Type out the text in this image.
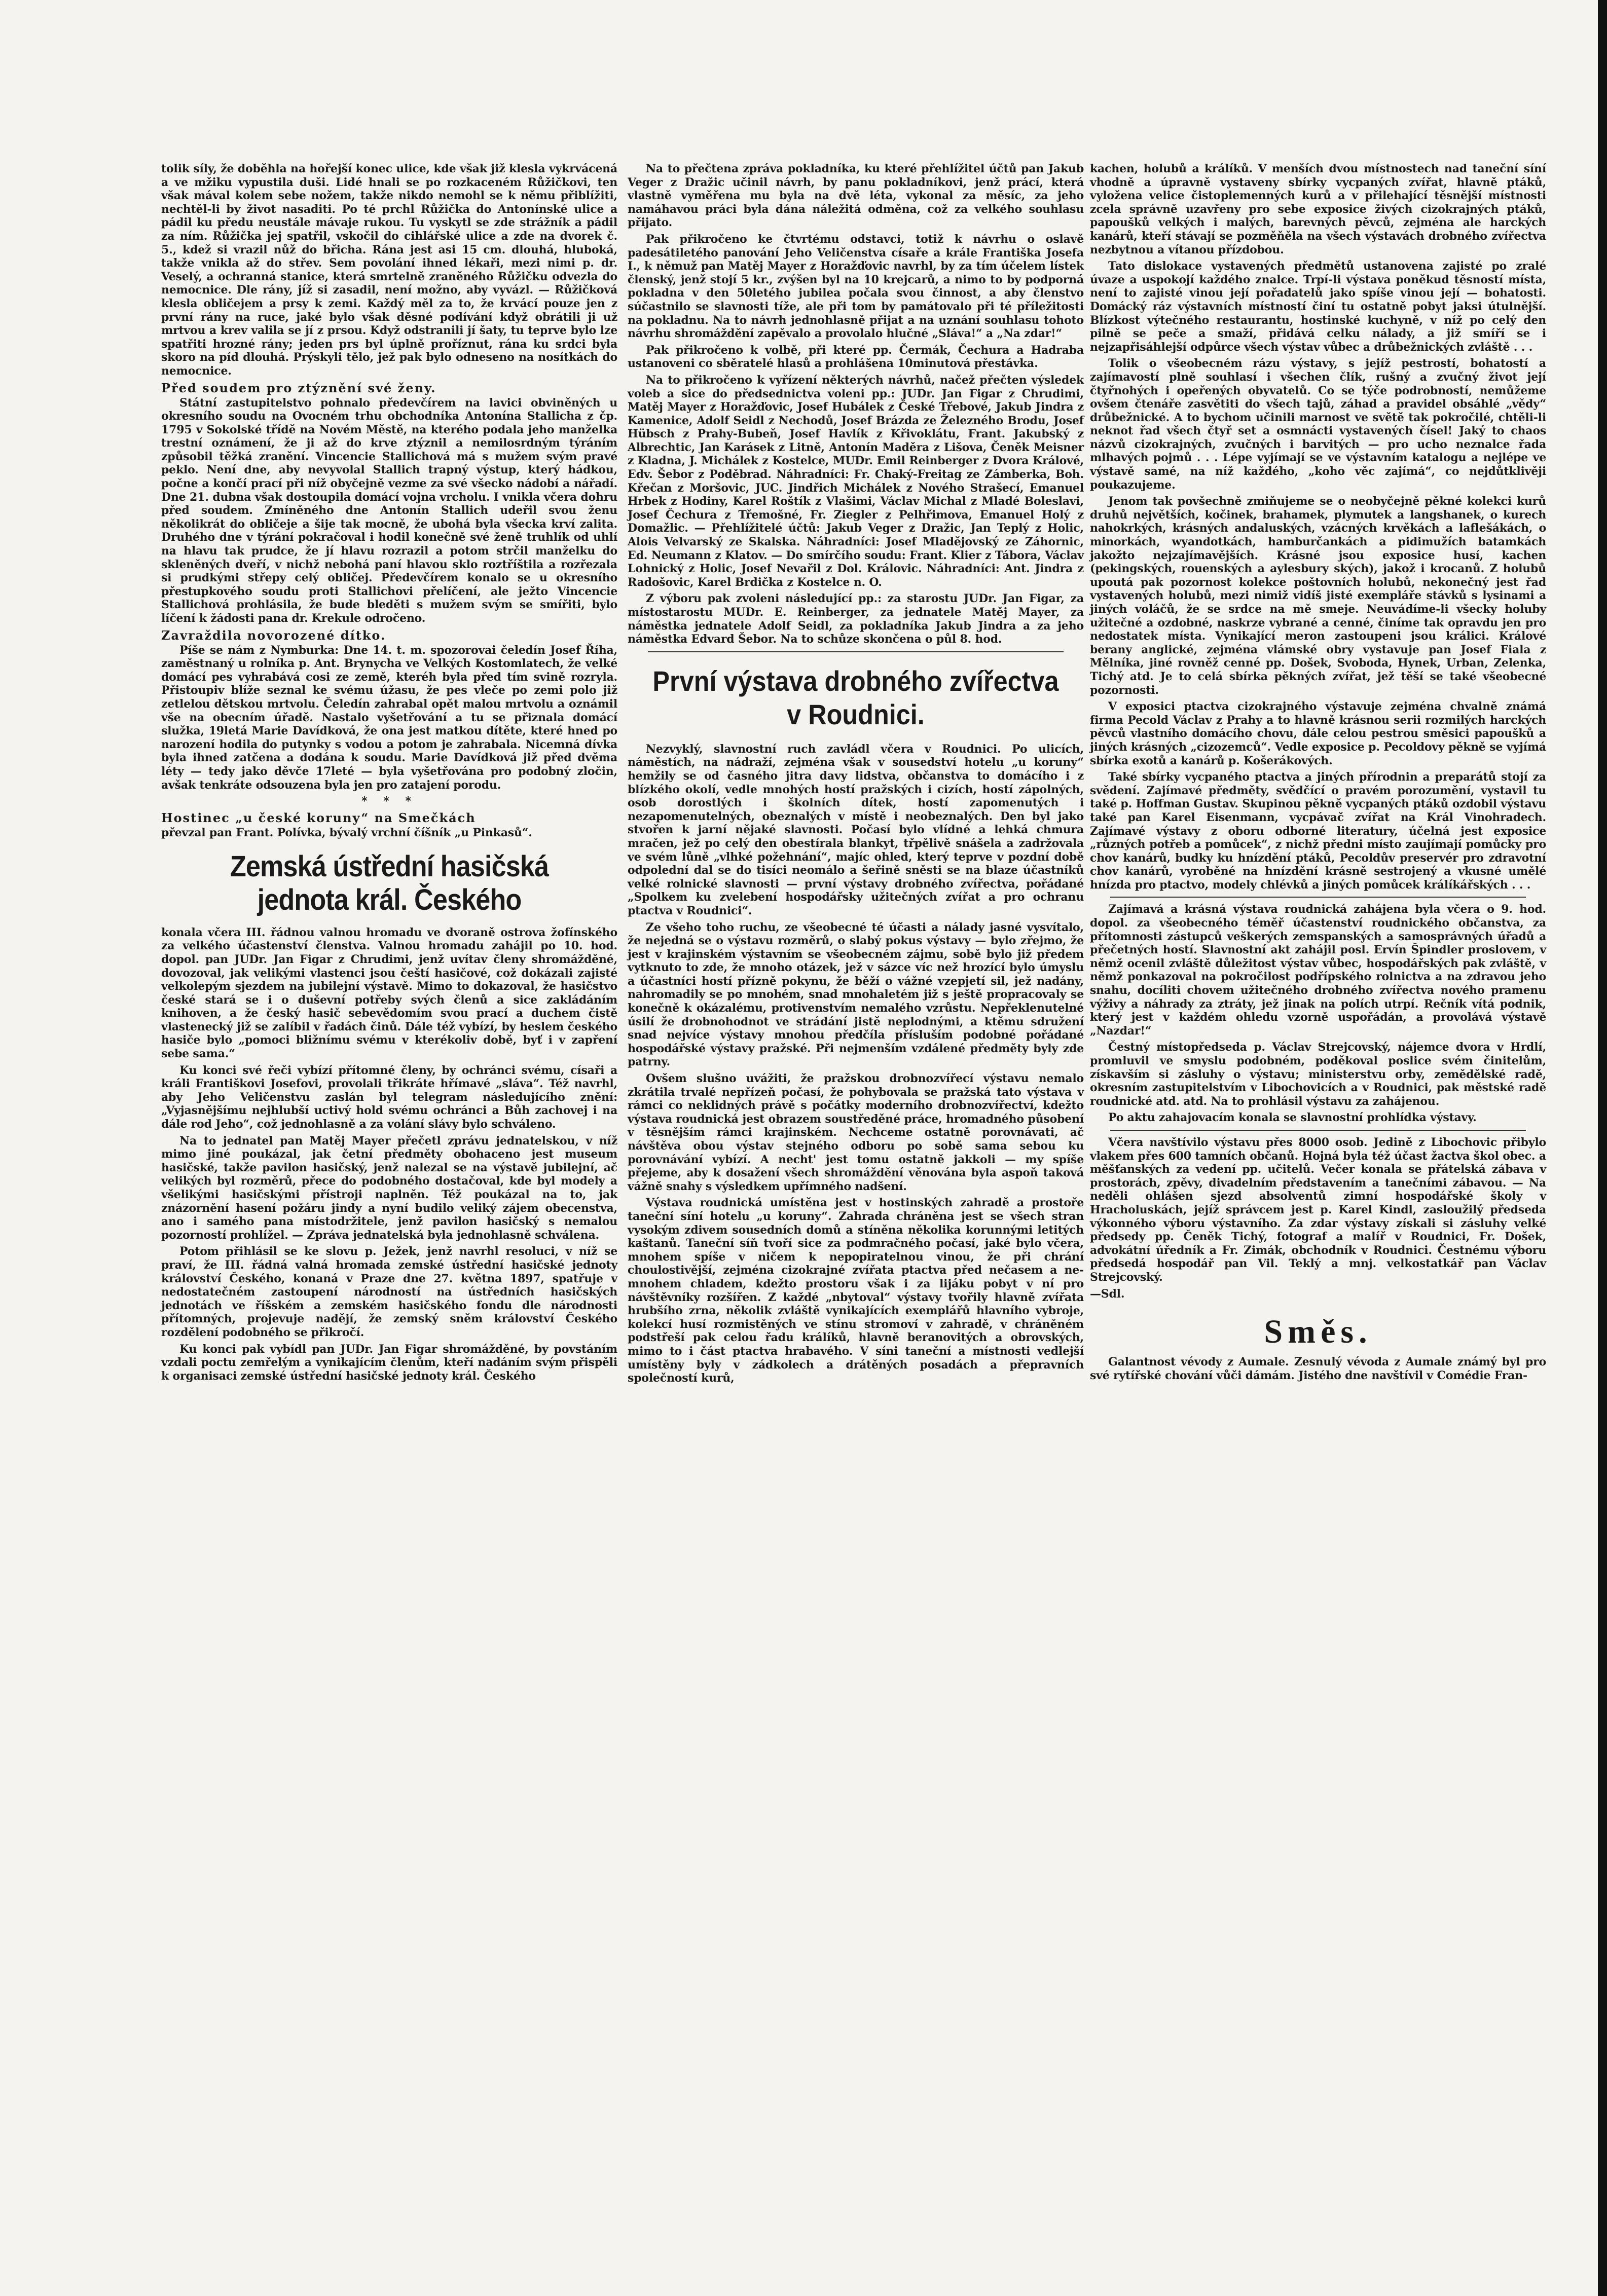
tolik síly, že doběhla na hořejší konec ulice, kde však již klesla vykrvácená a ve mžiku vypustila duši. Lidé hnali se po rozkaceném Růžičkovi, ten však mával kolem sebe nožem, takže nikdo nemohl se k němu přiblížiti, nechtěl-li by život nasaditi. Po té prchl Růžička do Antonínské ulice a pádil ku předu neustále mávaje rukou. Tu vyskytl se zde strážník a pádil za ním. Růžička jej spatřil, vskočil do cihlářské ulice a zde na dvorek č. 5., kdež si vrazil nůž do břicha. Rána jest asi 15 cm. dlouhá, hluboká, takže vnikla až do střev. Sem povolání ihned lékaři, mezi nimi p. dr. Veselý, a ochranná stanice, která smrtelně zraněného Růžičku odvezla do nemocnice. Dle rány, jíž si zasadil, není možno, aby vyvázl. — Růžičková klesla obličejem a prsy k zemi. Každý měl za to, že krvácí pouze jen z první rány na ruce, jaké bylo však děsné podívání když obrátili ji už mrtvou a krev valila se jí z prsou. Když odstranili jí šaty, tu teprve bylo lze spatřiti hrozné rány; jeden prs byl úplně proříznut, rána ku srdci byla skoro na píd dlouhá. Prýskyli tělo, jež pak bylo odneseno na nosítkách do nemocnice.

Před soudem pro ztýznění své ženy.

Státní zastupitelstvo pohnalo předevčírem na lavici obviněných u okresního soudu na Ovocném trhu obchodníka Antonína Stallicha z čp. 1795 v Sokolské třídě na Novém Městě, na kteréhо podala jeho manželka trestní oznámení, že ji až do krve ztýznil a nemilosrdným týráním způsobil těžká zranění. Vincencie Stallichová má s mužem svým pravé peklo. Není dne, aby nevyvolal Stallich trapný výstup, který hádkou, počne a končí prací při níž obyčejně vezme za své všecko nádobí a nářadí. Dne 21. dubna však dostoupila domácí vojna vrcholu. I vnikla včera dohru před soudem. Zmíněného dne Antonín Stallich udeřil svou ženu několikrát do obličeje a šije tak mocně, že ubohá byla všecka krví zalita. Druhého dne v týrání pokračoval i hodil konečně své ženě truhlík od uhlí na hlavu tak prudce, že jí hlavu rozrazil a potom strčil manželku do skleněných dveří, v nichž nebohá paní hlavou sklo roztříštila a rozřezala si prudkými střepy celý obličej. Předevčírem konalo se u okresního přestupkového soudu proti Stallichovi přelíčení, ale ježto Vincencie Stallichová prohlásila, že bude bleděti s mužem svým se smířiti, bylo líčení k žádosti pana dr. Krekule odročeno.

Zavraždila novorozené dítko.

Píše se nám z Nymburka: Dne 14. t. m. spozorovai čeledín Josef Říha, zaměstnaný u rolníka p. Ant. Brynycha ve Velkých Kostomlatech, že velké domácí pes vyhrabává cosi ze země, kteréh byla před tím svině rozryla. Přistoupiv blíže seznal ke svému úžasu, že pes vleče po zemi polo již zetlelou dětskou mrtvolu. Čeledín zahrabal opět malou mrtvolu a oznámil vše na obecním úřadě. Nastalo vyšetřování a tu se přiznala domácí služka, 19letá Marie Davídková, že ona jest matkou dítěte, které hned po narození hodila do putynky s vodou a potom je zahrabala. Nicemná dívka byla ihned zatčena a dodána k soudu. Marie Davídková již před dvěma léty — tedy jako děvče 17leté — byla vyšetřována pro podobný zločin, avšak tenkráte odsouzena byla jen pro zatajení porodu.

* * *
Hostinec „u české koruny“ na Smečkách

převzal pan Frant. Polívka, bývalý vrchní číšník „u Pinkasů“.

Zemská ústřední hasičská jednota král. Českého

konala včera III. řádnou valnou hromadu ve dvoraně ostrova žofínského za velkého účastenství členstva. Valnou hromadu zahájil po 10. hod. dopol. pan JUDr. Jan Figar z Chrudimi, jenž uvítav členy shromážděné, dovozoval, jak velikými vlastenci jsou čeští hasičové, což dokázali zajisté velkolepým sjezdem na jubilejní výstavě. Mimo to dokazoval, že hasičstvo české stará se i o duševní potřeby svých členů a sice zakládáním knihoven, a že český hasič sebevědomím svou prací a duchem čistě vlastenecký již se zalíbil v řadách činů. Dále též vybízí, by heslem českého hasiče bylo „pomoci bližnímu svému v kterékoliv době, byť i v zapření sebe sama.“

Ku konci své řeči vybízí přítomné členy, by ochránci svému, císaři a králi Františkovi Josefovi, provolali třikráte hřímavé „sláva“. Též navrhl, aby Jeho Veličenstvu zaslán byl telegram následujícího znění: „Vyjasnějšímu nejhlubší uctivý hold svému ochránci a Bůh zachovej i na dále rod Jeho“, což jednohlasně a za volání slávy bylo schváleno.

Na to jednatel pan Matěj Mayer přečetl zprávu jednatelskou, v níž mimo jiné poukázal, jak četní předměty obohaceno jest museum hasičské, takže pavilon hasičský, jenž nalezal se na výstavě jubilejní, ač velikých byl rozměrů, přece do podobného dostačoval, kde byl modely a všelikými hasičskými přístroji naplněn. Též poukázal na to, jak znázornění hasení požáru jindy a nyní budilo veliký zájem obecenstva, ano i samého pana místodržitele, jenž pavilon hasičský s nemalou pozorností prohlížel. — Zpráva jednatelská byla jednohlasně schválena.

Potom přihlásil se ke slovu p. Ježek, jenž navrhl resoluci, v níž se praví, že III. řádná valná hromada zemské ústřední hasičské jednoty království Českého, konaná v Praze dne 27. května 1897, spatřuje v nedostatečném zastoupení národností na ústředních hasičských jednotách ve říšském a zemském hasičského fondu dle národnosti přítomných, projevuje nadějí, že zemský sněm království Českého rozdělení podobného se přikročí.

Ku konci pak vybídl pan JUDr. Jan Figar shromážděné, by povstáním vzdali poctu zemřelým a vynikajícím členům, kteří nadáním svým přispěli k organisaci zemské ústřední hasičské jednoty král. Českého

Na to přečtena zpráva pokladníka, ku které přehlížitel účtů pan Jakub Veger z Dražic učinil návrh, by panu pokladníkovi, jenž prácí, která vlastně vyměřena mu byla na dvě léta, vykonal za měsíc, za jeho namáhavou práci byla dána náležitá odměna, což za velkého souhlasu přijato.

Pak přikročeno ke čtvrtému odstavci, totiž k návrhu o oslavě padesátiletého panování Jeho Veličenstva císaře a krále Františka Josefa I., k němuž pan Matěj Mayer z Horažďovic navrhl, by za tím účelem lístek členský, jenž stojí 5 kr., zvýšen byl na 10 krejcarů, a nimo to by podporná pokladna v den 50letého jubilea počala svou činnost, a aby členstvo súčastnilo se slavnosti tíže, ale při tom by památovalo při té příležitosti na pokladnu. Na to návrh jednohlasně přijat a na uznání souhlasu tohoto návrhu shromáždění zapěvalo a provolalo hlučné „Sláva!“ a „Na zdar!“

Pak přikročeno k volbě, při které pp. Čermák, Čechura a Hadraba ustanoveni co sběratelé hlasů a prohlášena 10minutová přestávka.

Na to přikročeno k vyřízení některých návrhů, načež přečten výsledek voleb a sice do předsednictva voleni pp.: JUDr. Jan Figar z Chrudimi, Matěj Mayer z Horažďovic, Josef Hubálek z České Třebové, Jakub Jindra z Kamenice, Adolf Seidl z Nechodů, Josef Brázda ze Železného Brodu, Josef Hübsch z Prahy-Bubeň, Josef Havlík z Křivoklátu, Frant. Jakubský z Albrechtic, Jan Karásek z Litně, Antonín Maděra z Lišova, Čeněk Meisner z Kladna, J. Michálek z Kostelce, MUDr. Emil Reinberger z Dvora Králové, Edv. Šebor z Poděbrad. Náhradníci: Fr. Chaký-Freitag ze Zámberka, Boh. Křečan z Moršovic, JUC. Jindřich Michálek z Nového Strašecí, Emanuel Hrbek z Hodiny, Karel Roštík z Vlašimi, Václav Michal z Mladé Boleslavi, Josef Čechura z Třemošné, Fr. Ziegler z Pelhřimova, Emanuel Holý z Domažlic. — Přehlížitelé účtů: Jakub Veger z Dražic, Jan Teplý z Holic, Alois Velvarský ze Skalska. Náhradníci: Josef Mladějovský ze Záhornic, Ed. Neumann z Klatov. — Do smírčího soudu: Frant. Klier z Tábora, Václav Lohnický z Holic, Josef Nevařil z Dol. Královic. Náhradníci: Ant. Jindra z Radošovic, Karel Brdička z Kostelce n. O.

Z výboru pak zvoleni následující pp.: za starostu JUDr. Jan Figar, za místostarostu MUDr. E. Reinberger, za jednatele Matěj Mayer, za náměstka jednatele Adolf Seidl, za pokladníka Jakub Jindra a za jeho náměstka Edvard Šebor. Na to schůze skončena o půl 8. hod.

První výstava drobného zvířectva v Roudnici.

Nezvyklý, slavnostní ruch zavládl včera v Roudnici. Po ulicích, náměstích, na nádraží, zejména však v sousedství hotelu „u koruny“ hemžily se od časného jitra davy lidstva, občanstva to domácího i z blízkého okolí, vedle mnohých hostí pražských i cizích, hostí zápolných, osob dorostlých i školních dítek, hostí zapomenutých i nezapomenutelných, obeznalých v místě i neobeznalých. Den byl jako stvořen k jarní nějaké slavnosti. Počasí bylo vlídné a lehká chmura mračen, jež po celý den obestírala blankyt, třpělivě snášela a zadržovala ve svém lůně „vlhké požehnání“, majíc ohled, který teprve v pozdní době odpolední dal se do tisíci neomálo a šeřině sněsti se na blaze účastníků velké rolnické slavnosti — první výstavy drobného zvířectva, pořádané „Spolkem ku zvelebení hospodářsky užitečných zvířat a pro ochranu ptactva v Roudnici“.

Ze všeho toho ruchu, ze všeobecné té účasti a nálady jasné vysvítalo, že nejedná se o výstavu rozměrů, o slabý pokus výstavy — bylo zřejmo, že jest v krajinském výstavním se všeobecném zájmu, sobě bylo již předem vytknuto to zde, že mnoho otázek, jež v sázce víc než hrozící bylo úmyslu a účastníci hostí přízně pokynu, že běží o vážné vzepjetí sil, jež nadány, nahromadily se po mnohém, snad mnohaletém již s ještě propracovaly se konečně k okázalému, protivenstvím nemalého vzrůstu. Nepřeklenutelné úsilí že drobnohodnot ve strádání jistě neplodnými, a ktěmu sdružení snad nejvíce výstavy mnohou předčíla přísluším podobné pořádané hospodářské výstavy pražské. Při nejmenším vzdálené předměty byly zde patrny.

Ovšem slušno uvážiti, že pražskou drobnozvířecí výstavu nemalo zkrátila trvalé nepřízeň počasí, že pohybovala se pražská tato výstava v rámci co neklidných právě s počátky moderního drobnozvířectví, kdežto výstava roudnická jest obrazem soustředěné práce, hromadného působení v těsnějším rámci krajinském. Nechceme ostatně porovnávati, ač návštěva obou výstav stejného odboru po sobě sama sebou ku porovnávání vybízí. A necht' jest tomu ostatně jakkoli — my spíše přejeme, aby k dosažení všech shromáždění věnována byla aspoň taková vážně snahy s výsledkem upřímného nadšení.

Výstava roudnická umístěna jest v hostinských zahradě a prostoře taneční síní hotelu „u koruny“. Zahrada chráněna jest se všech stran vysokým zdivem sousedních domů a stíněna několika korunnými letitých kaštanů. Taneční síň tvoří sice za podmračného počasí, jaké bylo včera, mnohem spíše v ničem k nepopiratelnou vinou, že při chrání choulostivější, zejména cizokrajné zvířata ptactva před nečasem a ne-mnohem chladem, kdežto prostoru však i za lijáku pobyt v ní pro návštěvníky rozšířen. Z každé „nbytoval“ výstavy tvořily hlavně zvířata hrubšího zrna, několik zvláště vynikajících exemplářů hlavního vybroje, kolekcí husí rozmistěných ve stínu stromoví v zahradě, v chráněném podstřeší pak celou řadu králíků, hlavně beranovitých a obrovských, mimo to i část ptactva hrabavého. V síni taneční a místnosti vedlejší umístěny byly v zádkolech a drátěných posadách a přepravních společností kurů,

kachen, holubů a králíků. V menších dvou místnostech nad taneční síní vhodně a úpravně vystaveny sbírky vycpaných zvířat, hlavně ptáků, vyloženа velice čistoplemenných kurů a v přilehající těsnější místnosti zcela správně uzavřeny pro sebe exposice živých cizokrajných ptáků, papoušků velkých i malých, barevných pěvců, zejména ale harckých kanárů, kteří stávají se pozměňěla na všech výstavách drobného zvířectva nezbytnou a vítanou přízdobou.

Tato dislokace vystavených předmětů ustanovena zajisté po zralé úvaze a uspokojí každého znalce. Trpí-li výstava poněkud těsností místa, není to zajisté vinou její pořadatelů jako spíše vinou její — bohatosti. Domácký ráz výstavních místností činí tu ostatně pobyt jaksi útulnější. Blízkost výtečného restaurantu, hostinské kuchyně, v níž po celý den pilně se peče a smaží, přidává celku nálady, a již smíří se i nejzapřisáhlejší odpůrce všech výstav vůbec a drůbežnických zvláště . . .

Tolik o všeobecném rázu výstavy, s jejíž pestrostí, bohatostí a zajímavostí plně souhlasí i všechen člík, rušný a zvučný život její čtyřnohých i opeřených obyvatelů. Co se týče podrobností, nemůžeme ovšem čtenáře zasvětiti do všech tajů, záhad a pravidel obsáhlé „vědy“ drůbežnické. A to bychom učinili marnost ve světě tak pokročilé, chtěli-li neknot řad všech čtyř set a osmnácti vystavených čísel! Jaký to chaos názvů cizokrajných, zvučných i barvitých — pro ucho neznalce řada mlhavých pojmů . . . Lépe vyjímají se ve výstavním katalogu a nejlépe ve výstavě samé, na níž každého, „koho věc zajímá“, co nejdůtklivěji poukazujeme.

Jenom tak povšechně zmiňujeme se o neobyčejně pěkné kolekci kurů druhů největších, kočinek, brahamek, plymutek a langshanek, o kurech nahokrkých, krásných andaluských, vzácných krvěkách a laflešákách, o minorkách, wyandotkách, hamburčankách a pidimužích batamkách jakožto nejzajímavějších. Krásné jsou exposice husí, kachen (pekingských, rouenských a aylesbury ských), jakož i krocanů. Z holubů upoutá pak pozornost kolekce poštovních holubů, nekonečný jest řad vystavených holubů, mezi nimiž vidíš jisté exempláře stávků s lysinami a jiných voláčů, že se srdce na mě smeje. Neuvádíme-li všecky holuby užitečné a ozdobné, naskrze vybrané a cenné, činíme tak opravdu jen pro nedostatek místa. Vynikající meron zastoupeni jsou králici. Králové berany anglické, zejména vlámské obry vystavuje pan Josef Fiala z Mělníka, jiné rovněž cenné pp. Došek, Svoboda, Hynek, Urban, Zelenka, Tichý atd. Je to celá sbírka pěkných zvířat, jež těší se také všeobecné pozornosti.

V exposici ptactva cizokrajného výstavuje zejména chvalně známá firma Pecold Václav z Prahy a to hlavně krásnou serii rozmilých harckých pěvců vlastního domácího chovu, dále celou pestrou směsici papoušků a jiných krásných „cizozemců“. Vedle exposice p. Pecoldovy pěkně se vyjímá sbírka exotů a kanárů p. Košerákových.

Také sbírky vycpaného ptactva a jiných přírodnin a preparátů stojí za svědení. Zajímavé předměty, svědčící o pravém porozumění, vystavil tu také p. Hoffman Gustav. Skupinou pěkně vycpaných ptáků ozdobil výstavu také pan Karel Eisenmann, vycpávač zvířat na Král Vinohradech. Zajímavé výstavy z oboru odborné literatury, účelná jest exposice „různých potřeb a pomůcek“, z nichž předni místo zaujímají pomůcky pro chov kanárů, budky ku hnízdění ptáků, Pecoldův preservér pro zdravotní chov kanárů, vyroběné na hnízdění krásně sestrojený a vkusné umělé hnízda pro ptactvo, modely chlévků a jiných pomůcek králíkářských . . .

Zajímavá a krásná výstava roudnická zahájena byla včera o 9. hod. dopol. za všeobecného téměř účastenství roudnického občanstva, za přítomnosti zástupců veškerých zemspanských a samosprávných úřadů a přečetných hostí. Slavnostní akt zahájil posl. Ervín Špindler proslovem, v němž ocenil zvláště důležitost výstav vůbec, hospodářských pak zvláště, v němž ponkazoval na pokročilost podřípského rolnictva a na zdravou jeho snahu, docíliti chovem užitečného drobného zvířectva nového pramenu výživy a náhrady za ztráty, jež jinak na polích utrpí. Rečník vítá podnik, který jest v každém ohledu vzorně uspořádán, a provolává výstavě „Nazdar!“

Čestný místopředseda p. Václav Strejcovský, nájemce dvora v Hrdlí, promluvil ve smyslu podobném, poděkoval poslice svém činitelům, získavším si zásluhy o výstavu; ministerstvu orby, zemědělské radě, okresním zastupitelstvím v Libochovicích a v Roudnici, pak městské radě roudnické atd. atd. Na to prohlásil výstavu za zahájenou.

Po aktu zahajovacím konala se slavnostní prohlídka výstavy.

Včera navštívilo výstavu přes 8000 osob. Jedině z Libochovic přibylo vlakem přes 600 tamních občanů. Hojná byla též účast žactva škol obec. a měšťanských za vedení pp. učitelů. Večer konala se přátelská zábava v prostorách, zpěvy, divadelním představením a tanečními zábavou. — Na neděli ohlášen sjezd absolventů zimní hospodářské školy v Hracholuskách, jejíž správcem jest p. Karel Kindl, zasloužilý předseda výkonného výboru výstavního. Za zdar výstavy získali si zásluhy velké předsedy pp. Čeněk Tichý, fotograf a malíř v Roudnici, Fr. Došek, advokátní úředník a Fr. Zimák, obchodník v Roudnici. Čestnému výboru předsedá hospodář pan Vil. Teklý a mnj. velkostatkář pan Václav Strejcovský.

—Sdl.

Směs.

Galantnost vévody z Aumale. Zesnulý vévoda z Aumale známý byl pro své rytířské chování vůči dámám. Jistého dne navštívil v Comédie Fran-
